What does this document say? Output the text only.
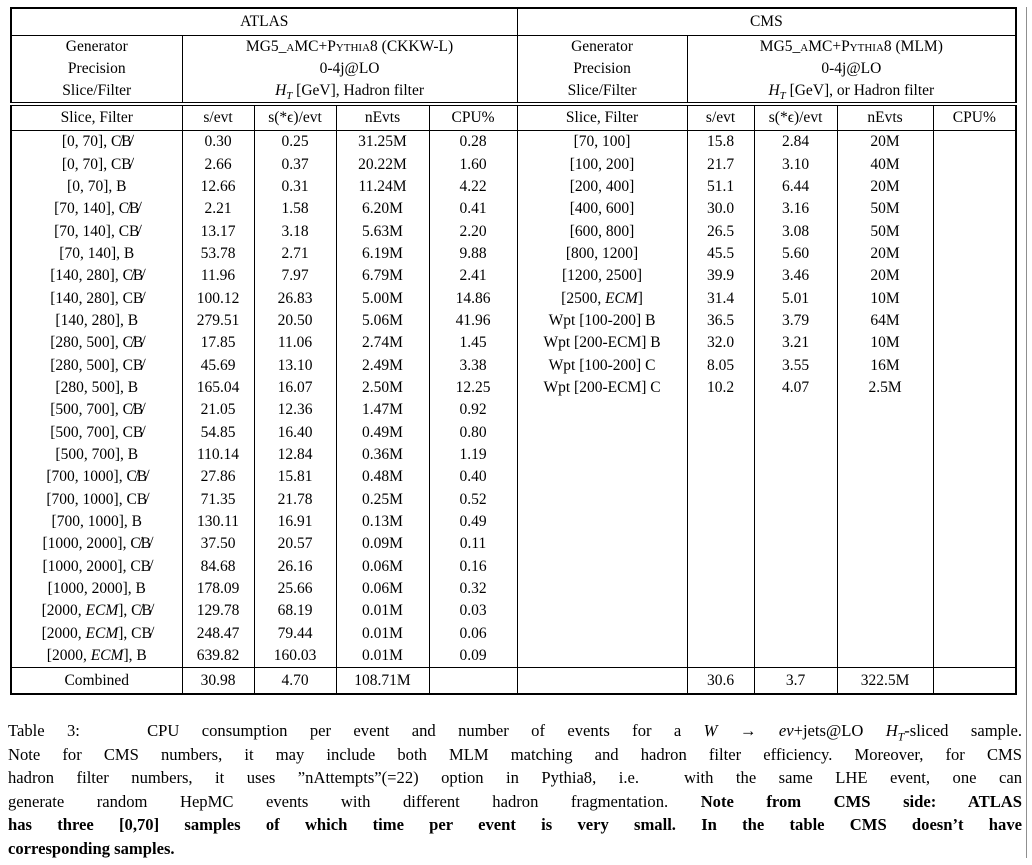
ATLAS					CMS				
Generator	MG5_aMC+Pythia8 (CKKW-L)				Generator	MG5_aMC+Pythia8 (MLM)			
Precision	0-4j@LO				Precision	0-4j@LO			
Slice/Filter	$H_T$ [GeV], Hadron filter				Slice/Filter	$H_T$ [GeV], or Hadron filter			
Slice, Filter	s/evt	s(*ϵ)/evt	nEvts	CPU%	Slice, Filter	s/evt	s(*ϵ)/evt	nEvts	CPU%
[0, 70], C̸B̸	0.30	0.25	31.25M	0.28	[70, 100]	15.8	2.84	20M	
[0, 70], CB̸	2.66	0.37	20.22M	1.60	[100, 200]	21.7	3.10	40M	
[0, 70], B	12.66	0.31	11.24M	4.22	[200, 400]	51.1	6.44	20M	
[70, 140], C̸B̸	2.21	1.58	6.20M	0.41	[400, 600]	30.0	3.16	50M	
[70, 140], CB̸	13.17	3.18	5.63M	2.20	[600, 800]	26.5	3.08	50M	
[70, 140], B	53.78	2.71	6.19M	9.88	[800, 1200]	45.5	5.60	20M	
[140, 280], C̸B̸	11.96	7.97	6.79M	2.41	[1200, 2500]	39.9	3.46	20M	
[140, 280], CB̸	100.12	26.83	5.00M	14.86	[2500, ECM]	31.4	5.01	10M	
[140, 280], B	279.51	20.50	5.06M	41.96	Wpt [100-200] B	36.5	3.79	64M	
[280, 500], C̸B̸	17.85	11.06	2.74M	1.45	Wpt [200-ECM] B	32.0	3.21	10M	
[280, 500], CB̸	45.69	13.10	2.49M	3.38	Wpt [100-200] C	8.05	3.55	16M	
[280, 500], B	165.04	16.07	2.50M	12.25	Wpt [200-ECM] C	10.2	4.07	2.5M	
[500, 700], C̸B̸	21.05	12.36	1.47M	0.92					
[500, 700], CB̸	54.85	16.40	0.49M	0.80					
[500, 700], B	110.14	12.84	0.36M	1.19					
[700, 1000], C̸B̸	27.86	15.81	0.48M	0.40					
[700, 1000], CB̸	71.35	21.78	0.25M	0.52					
[700, 1000], B	130.11	16.91	0.13M	0.49					
[1000, 2000], C̸B̸	37.50	20.57	0.09M	0.11					
[1000, 2000], CB̸	84.68	26.16	0.06M	0.16					
[1000, 2000], B	178.09	25.66	0.06M	0.32					
[2000, ECM], C̸B̸	129.78	68.19	0.01M	0.03					
[2000, ECM], CB̸	248.47	79.44	0.01M	0.06					
[2000, ECM], B	639.82	160.03	0.01M	0.09					
Combined	30.98	4.70	108.71M			30.6	3.7	322.5M	
Table 3:   CPU consumption per event and number of events for a W → eν+jets@LO $H_T$-sliced sample.
Note for CMS numbers, it may include both MLM matching and hadron filter efficiency. Moreover, for CMS
hadron filter numbers, it uses ”nAttempts”(=22) option in Pythia8, i.e.  with the same LHE event, one can
generate random HepMC events with different hadron fragmentation. Note from CMS side: ATLAS
has three [0,70] samples of which time per event is very small. In the table CMS doesn’t have
corresponding samples.
